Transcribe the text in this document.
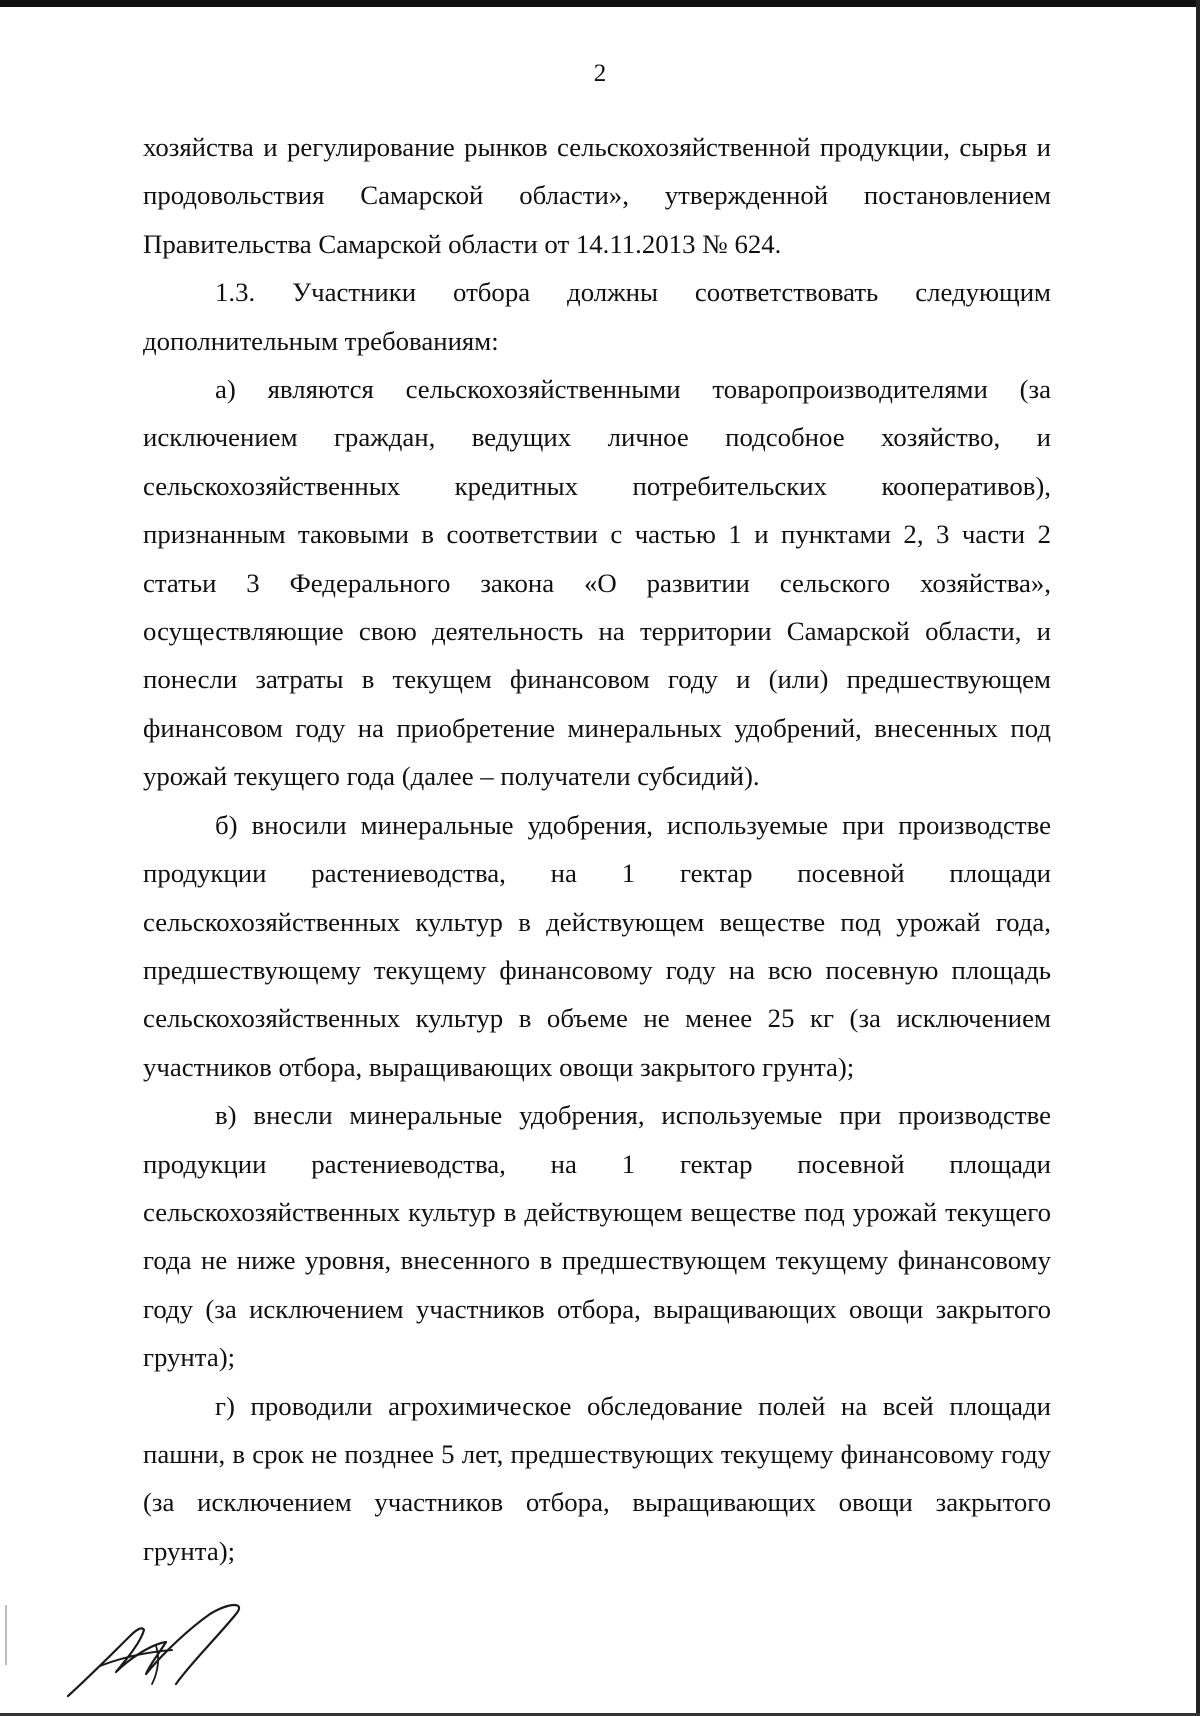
2

хозяйства и регулирование рынков сельскохозяйственной продукции, сырья и продовольствия Самарской области», утвержденной постановлением Правительства Самарской области от 14.11.2013 № 624.

1.3. Участники отбора должны соответствовать следующим дополнительным требованиям:

а) являются сельскохозяйственными товаропроизводителями (за исключением граждан, ведущих личное подсобное хозяйство, и сельскохозяйственных кредитных потребительских кооперативов), признанным таковыми в соответствии с частью 1 и пунктами 2, 3 части 2 статьи 3 Федерального закона «О развитии сельского хозяйства», осуществляющие свою деятельность на территории Самарской области, и понесли затраты в текущем финансовом году и (или) предшествующем финансовом году на приобретение минеральных удобрений, внесенных под урожай текущего года (далее – получатели субсидий).

б) вносили минеральные удобрения, используемые при производстве продукции растениеводства, на 1 гектар посевной площади сельскохозяйственных культур в действующем веществе под урожай года, предшествующему текущему финансовому году на всю посевную площадь сельскохозяйственных культур в объеме не менее 25 кг (за исключением участников отбора, выращивающих овощи закрытого грунта);

в) внесли минеральные удобрения, используемые при производстве продукции растениеводства, на 1 гектар посевной площади сельскохозяйственных культур в действующем веществе под урожай текущего года не ниже уровня, внесенного в предшествующем текущему финансовому году (за исключением участников отбора, выращивающих овощи закрытого грунта);

г) проводили агрохимическое обследование полей на всей площади пашни, в срок не позднее 5 лет, предшествующих текущему финансовому году (за исключением участников отбора, выращивающих овощи закрытого грунта);
